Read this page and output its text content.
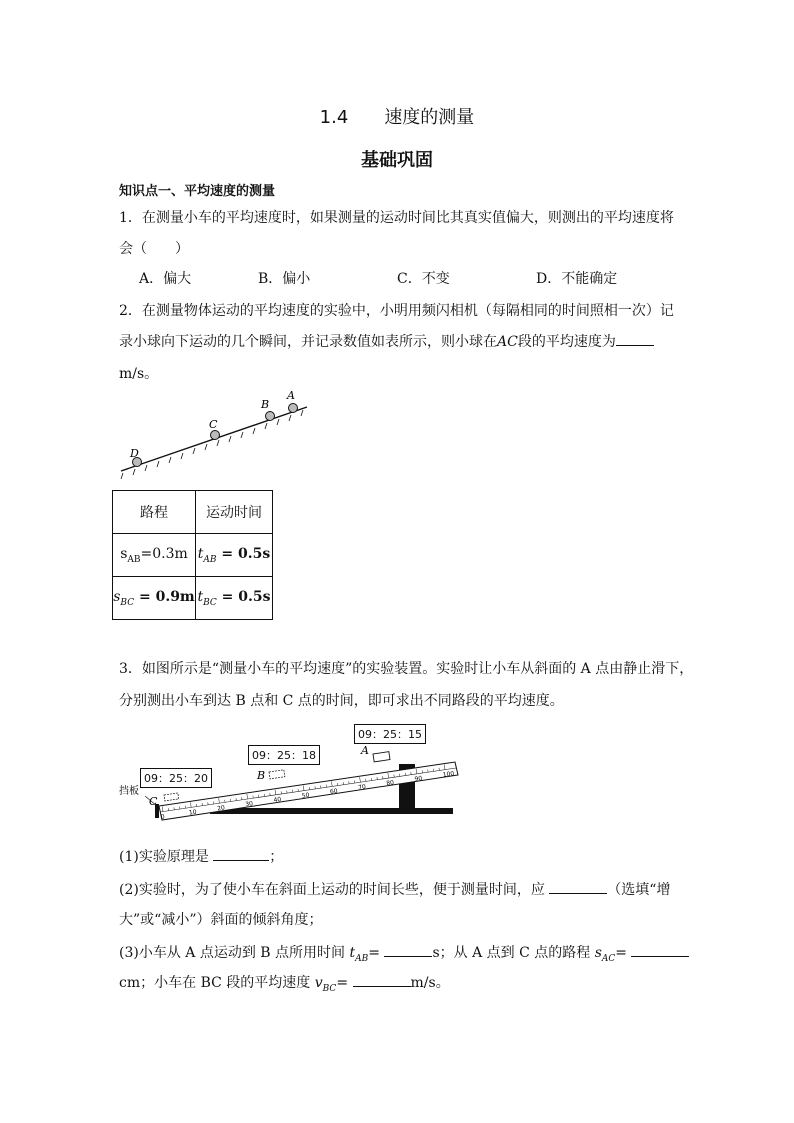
1.4 速度的测量
基础巩固
知识点一、平均速度的测量
1．在测量小车的平均速度时，如果测量的运动时间比其真实值偏大，则测出的平均速度将
会（　　）
A．偏大	B．偏小	C．不变	D．不能确定
2．在测量物体运动的平均速度的实验中，小明用频闪相机（每隔相同的时间照相一次）记
录小球向下运动的几个瞬间，并记录数值如表所示，则小球在AC段的平均速度为
m/s。
D
C
B
A
路程	运动时间
$s_{AB}=0.3m$	$t_{AB} = 0.5s$
$s_{BC} = 0.9m$	$t_{BC} = 0.5s$
3．如图所示是“测量小车的平均速度”的实验装置。实验时让小车从斜面的 A 点由静止滑下，
分别测出小车到达 B 点和 C 点的时间，即可求出不同路段的平均速度。
0
10
20
30
40
50
60
70
80
90
100
A
B
C
挡板
09：25：15
09：25：18
09：25：20
(1)实验原理是	；
(2)实验时，为了使小车在斜面上运动的时间长些，便于测量时间，应	（选填“增
大”或“减小”）斜面的倾斜角度；
(3)小车从 A 点运动到 B 点所用时间 $t_{AB}=$	s；从 A 点到 C 点的路程 $s_{AC}=$
cm；小车在 BC 段的平均速度 $v_{BC}=$	m/s。
